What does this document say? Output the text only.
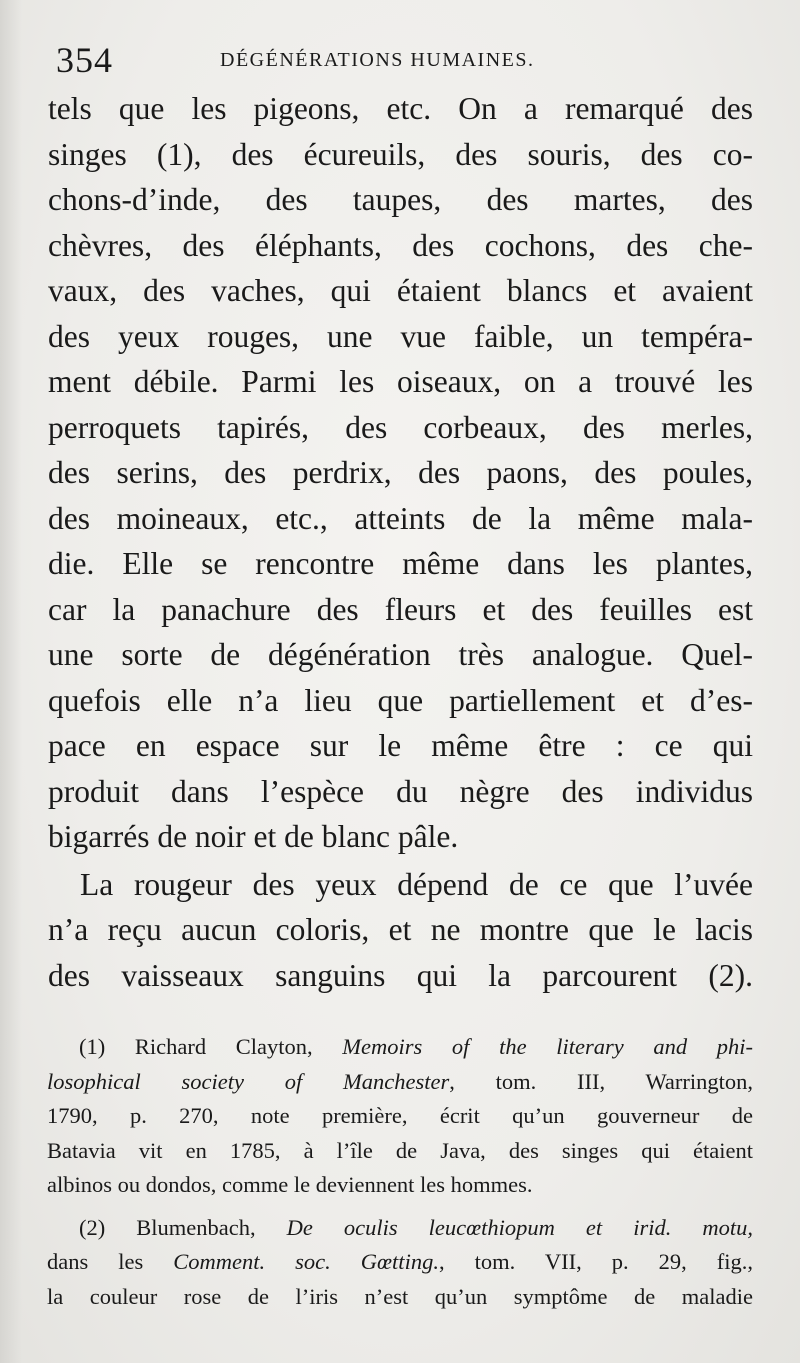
354	DÉGÉNÉRATIONS HUMAINES.
tels que les pigeons, etc. On a remarqué des
singes (1), des écureuils, des souris, des co-
chons-d’inde, des taupes, des martes, des
chèvres, des éléphants, des cochons, des che-
vaux, des vaches, qui étaient blancs et avaient
des yeux rouges, une vue faible, un tempéra-
ment débile. Parmi les oiseaux, on a trouvé les
perroquets tapirés, des corbeaux, des merles,
des serins, des perdrix, des paons, des poules,
des moineaux, etc., atteints de la même mala-
die. Elle se rencontre même dans les plantes,
car la panachure des fleurs et des feuilles est
une sorte de dégénération très analogue. Quel-
quefois elle n’a lieu que partiellement et d’es-
pace en espace sur le même être : ce qui
produit dans l’espèce du nègre des individus
bigarrés de noir et de blanc pâle.
La rougeur des yeux dépend de ce que l’uvée
n’a reçu aucun coloris, et ne montre que le lacis
des vaisseaux sanguins qui la parcourent (2).
(1) Richard Clayton, Memoirs of the literary and phi-
losophical society of Manchester, tom. III, Warrington,
1790, p. 270, note première, écrit qu’un gouverneur de
Batavia vit en 1785, à l’île de Java, des singes qui étaient
albinos ou dondos, comme le deviennent les hommes.
(2) Blumenbach, De oculis leucœthiopum et irid. motu,
dans les Comment. soc. Gœtting., tom. VII, p. 29, fig.,
la couleur rose de l’iris n’est qu’un symptôme de maladie
